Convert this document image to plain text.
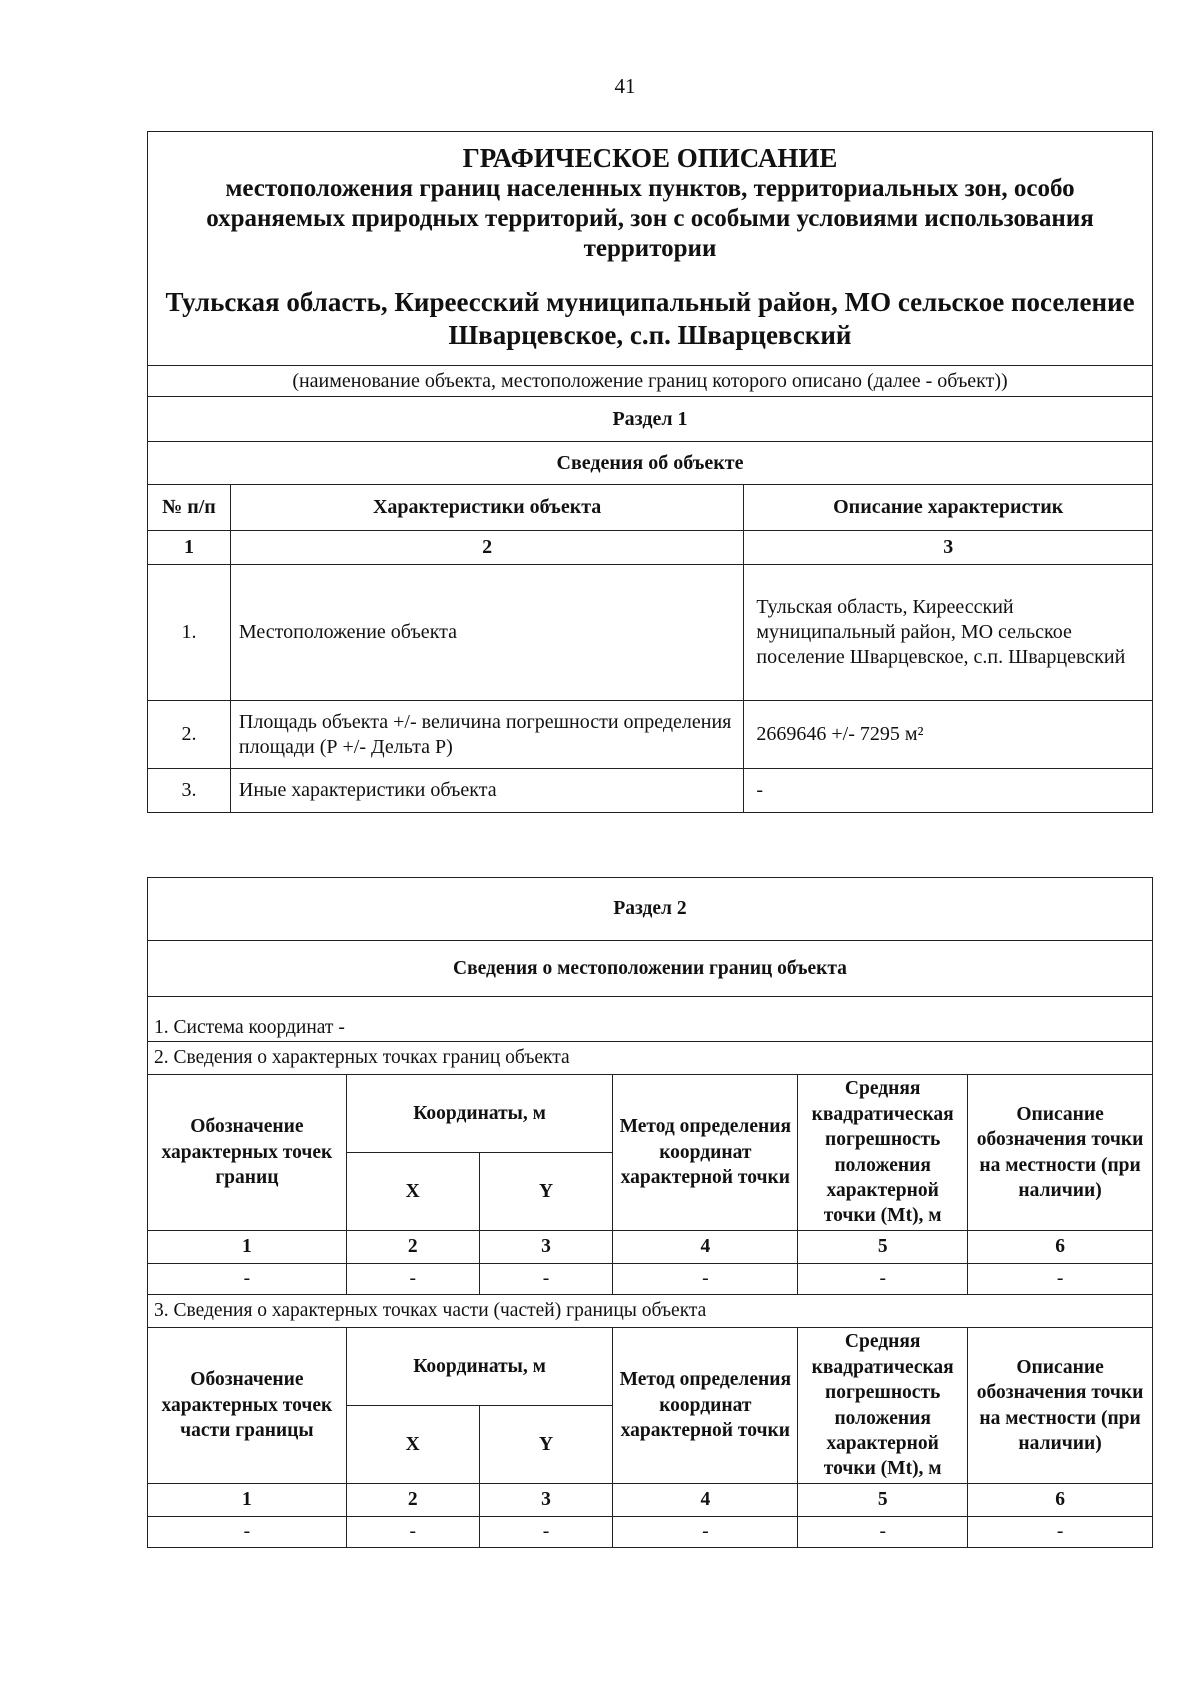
41
ГРАФИЧЕСКОЕ ОПИСАНИЕ
местоположения границ населенных пунктов, территориальных зон, особо охраняемых природных территорий, зон с особыми условиями использования территории
Тульская область, Киреесский муниципальный район, МО сельское поселение Шварцевское, с.п. Шварцевский		

(наименование объекта, местоположение границ которого описано (далее - объект))		
Раздел 1		
Сведения об объекте		
№ п/п	Характеристики объекта	Описание характеристик
1	2	3
1.	Местоположение объекта	Тульская область, Киреесский муниципальный район, МО сельское поселение Шварцевское, с.п. Шварцевский
2.	Площадь объекта +/- величина погрешности определения площади (Р +/- Дельта Р)	2669646 +/- 7295 м²
3.	Иные характеристики объекта	-
Раздел 2					
Сведения о местоположении границ объекта					
1. Система координат -					
2. Сведения о характерных точках границ объекта					
Обозначение характерных точек границ	Координаты, м		Метод определения координат характерной точки	Средняя квадратическая погрешность положения характерной точки (Mt), м	Описание обозначения точки на местности (при наличии)
	X	Y			
1	2	3	4	5	6
-	-	-	-	-	-
3. Сведения о характерных точках части (частей) границы объекта					
Обозначение характерных точек части границы	Координаты, м		Метод определения координат характерной точки	Средняя квадратическая погрешность положения характерной точки (Mt), м	Описание обозначения точки на местности (при наличии)
	X	Y			
1	2	3	4	5	6
-	-	-	-	-	-
